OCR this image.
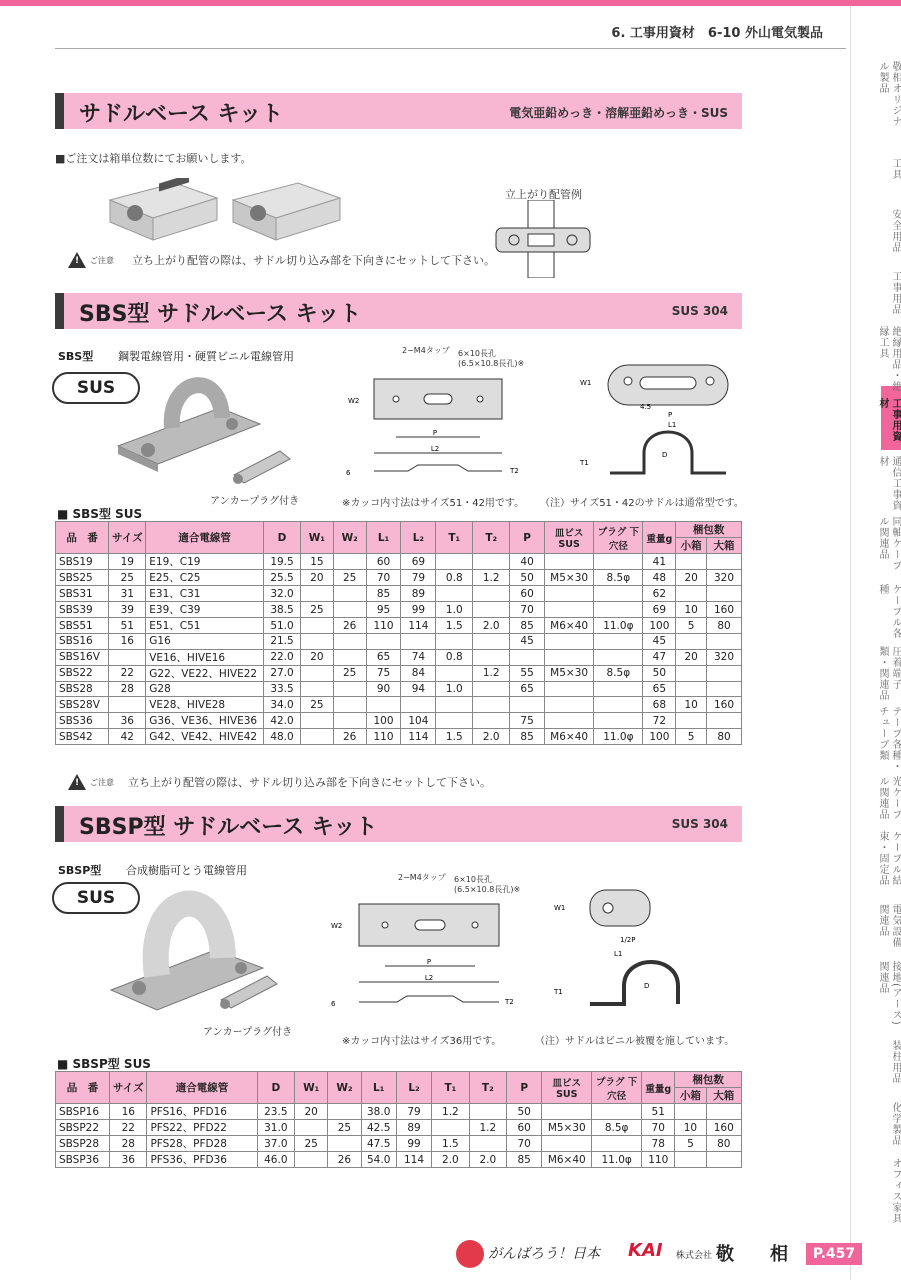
6. 工事用資材　6-10 外山電気製品
敬相オリジナル製品
工具
安全用品
工事用品
絶縁用品・絶縁工具
工事用資材
通信工事資材
同軸ケーブル関連品
ケーブル各種
圧着端子類・関連品
テープ各種・チューブ類
光ケーブル関連品
ケーブル結束・固定品
電気設備関連品
接地(アース)関連品
装柱用品
化学製品
オフィス家具
サドルベース キット	電気亜鉛めっき・溶解亜鉛めっき・SUS
■ご注文は箱単位数にてお願いします。
立上がり配管例
!
ご注意 立ち上がり配管の際は、サドル切り込み部を下向きにセットして下さい。
SBS型 サドルベース キット	SUS 304
SBS型 鋼製電線管用・硬質ビニル電線管用
SUS
アンカープラグ付き
P
L2
W2
6	T2
2−M4タップ 6×10長孔
(6.5×10.8長孔)※
W1
4.5
P
L1
T1
D
※カッコ内寸法はサイズ51・42用です。 （注）サイズ51・42のサドルは通常型です。
■ SBS型 SUS
品　番	サイズ	適合電線管	D	W₁	W₂	L₁	L₂	T₁	T₂	P	皿ビス SUS	プラグ 下穴径	重量g	梱包数	
														小箱	大箱
SBS19	19	E19、C19	19.5	15		60	69			40			41		
SBS25	25	E25、C25	25.5	20	25	70	79	0.8	1.2	50	M5×30	8.5φ	48	20	320
SBS31	31	E31、C31	32.0			85	89			60			62		
SBS39	39	E39、C39	38.5	25		95	99	1.0		70			69	10	160
SBS51	51	E51、C51	51.0		26	110	114	1.5	2.0	85	M6×40	11.0φ	100	5	80
SBS16	16	G16	21.5							45			45		
SBS16V		VE16、HIVE16	22.0	20		65	74	0.8					47	20	320
SBS22	22	G22、VE22、HIVE22	27.0		25	75	84		1.2	55	M5×30	8.5φ	50		
SBS28	28	G28	33.5			90	94	1.0		65			65		
SBS28V		VE28、HIVE28	34.0	25									68	10	160
SBS36	36	G36、VE36、HIVE36	42.0			100	104			75			72		
SBS42	42	G42、VE42、HIVE42	48.0		26	110	114	1.5	2.0	85	M6×40	11.0φ	100	5	80
!
ご注意 立ち上がり配管の際は、サドル切り込み部を下向きにセットして下さい。
SBSP型 サドルベース キット	SUS 304
SBSP型 合成樹脂可とう電線管用
SUS
アンカープラグ付き
P
L2
W2
6	T2
2−M4タップ 6×10長孔
(6.5×10.8長孔)※
W1
1/2P
L1
T1
D
※カッコ内寸法はサイズ36用です。	（注）サドルはビニル被覆を施しています。
■ SBSP型 SUS
品　番	サイズ	適合電線管	D	W₁	W₂	L₁	L₂	T₁	T₂	P	皿ビス SUS	プラグ 下穴径	重量g	梱包数	
														小箱	大箱
SBSP16	16	PFS16、PFD16	23.5	20		38.0	79	1.2		50			51		
SBSP22	22	PFS22、PFD22	31.0		25	42.5	89		1.2	60	M5×30	8.5φ	70	10	160
SBSP28	28	PFS28、PFD28	37.0	25		47.5	99	1.5		70			78	5	80
SBSP36	36	PFS36、PFD36	46.0		26	54.0	114	2.0	2.0	85	M6×40	11.0φ	110		
がんばろう！日本 KAI 株式会社 敬 相	P.457
